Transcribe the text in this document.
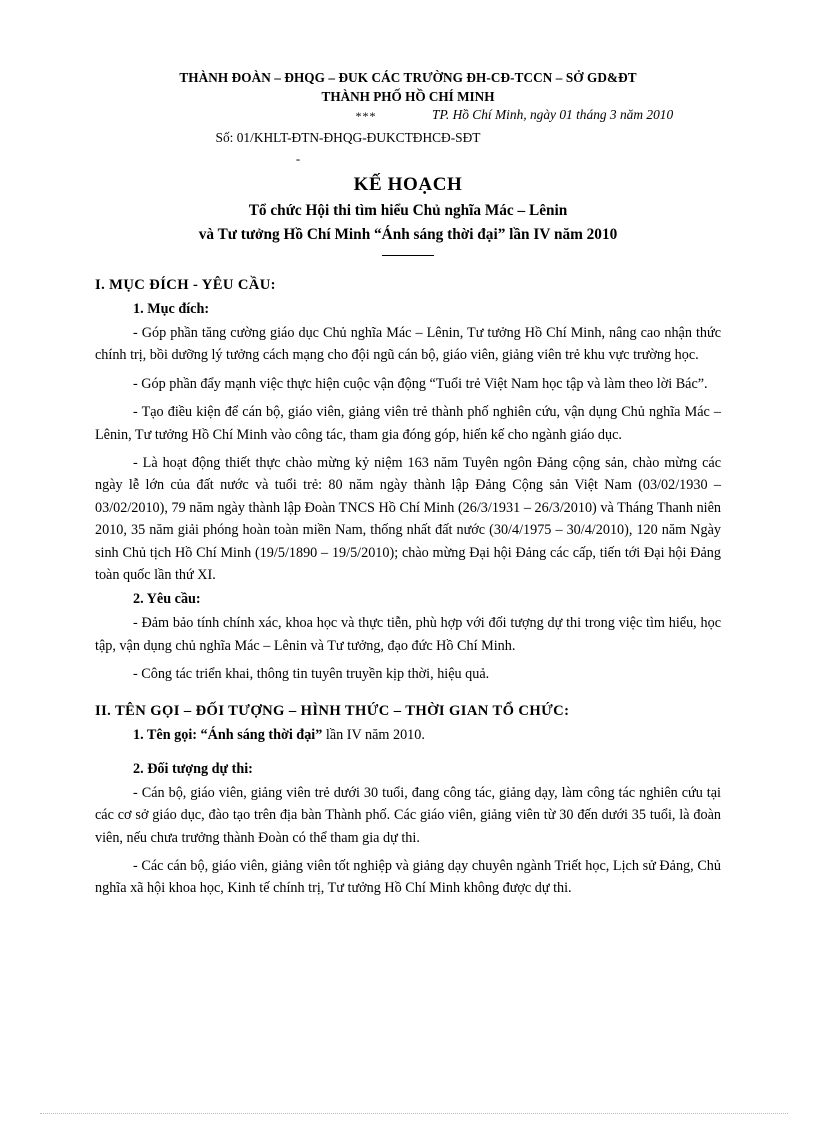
THÀNH ĐOÀN – ĐHQG – ĐUK CÁC TRƯỜNG ĐH-CĐ-TCCN – SỞ GD&ĐT
THÀNH PHỐ HỒ CHÍ MINH
***	TP. Hồ Chí Minh, ngày 01 tháng 3 năm 2010
Số: 01/KHLT-ĐTN-ĐHQG-ĐUKCTĐHCĐ-SĐT
-
KẾ HOẠCH
Tổ chức Hội thi tìm hiểu Chủ nghĩa Mác – Lênin
và Tư tưởng Hồ Chí Minh “Ánh sáng thời đại” lần IV năm 2010
I. MỤC ĐÍCH - YÊU CẦU:
1. Mục đích:

- Góp phần tăng cường giáo dục Chủ nghĩa Mác – Lênin, Tư tưởng Hồ Chí Minh, nâng cao nhận thức chính trị, bồi dưỡng lý tưởng cách mạng cho đội ngũ cán bộ, giáo viên, giảng viên trẻ khu vực trường học.

- Góp phần đẩy mạnh việc thực hiện cuộc vận động “Tuổi trẻ Việt Nam học tập và làm theo lời Bác”.

- Tạo điều kiện để cán bộ, giáo viên, giảng viên trẻ thành phố nghiên cứu, vận dụng Chủ nghĩa Mác – Lênin, Tư tưởng Hồ Chí Minh vào công tác, tham gia đóng góp, hiến kế cho ngành giáo dục.

- Là hoạt động thiết thực chào mừng kỷ niệm 163 năm Tuyên ngôn Đảng cộng sản, chào mừng các ngày lễ lớn của đất nước và tuổi trẻ: 80 năm ngày thành lập Đảng Cộng sản Việt Nam (03/02/1930 – 03/02/2010), 79 năm ngày thành lập Đoàn TNCS Hồ Chí Minh (26/3/1931 – 26/3/2010) và Tháng Thanh niên 2010, 35 năm giải phóng hoàn toàn miền Nam, thống nhất đất nước (30/4/1975 – 30/4/2010), 120 năm Ngày sinh Chủ tịch Hồ Chí Minh (19/5/1890 – 19/5/2010); chào mừng Đại hội Đảng các cấp, tiến tới Đại hội Đảng toàn quốc lần thứ XI.

2. Yêu cầu:

- Đảm bảo tính chính xác, khoa học và thực tiễn, phù hợp với đối tượng dự thi trong việc tìm hiểu, học tập, vận dụng chủ nghĩa Mác – Lênin và Tư tưởng, đạo đức Hồ Chí Minh.

- Công tác triển khai, thông tin tuyên truyền kịp thời, hiệu quả.

II. TÊN GỌI – ĐỐI TƯỢNG – HÌNH THỨC – THỜI GIAN TỔ CHỨC:
1. Tên gọi: “Ánh sáng thời đại” lần IV năm 2010.
2. Đối tượng dự thi:

- Cán bộ, giáo viên, giảng viên trẻ dưới 30 tuổi, đang công tác, giảng dạy, làm công tác nghiên cứu tại các cơ sở giáo dục, đào tạo trên địa bàn Thành phố. Các giáo viên, giảng viên từ 30 đến dưới 35 tuổi, là đoàn viên, nếu chưa trưởng thành Đoàn có thể tham gia dự thi.

- Các cán bộ, giáo viên, giảng viên tốt nghiệp và giảng dạy chuyên ngành Triết học, Lịch sử Đảng, Chủ nghĩa xã hội khoa học, Kinh tế chính trị, Tư tưởng Hồ Chí Minh không được dự thi.
